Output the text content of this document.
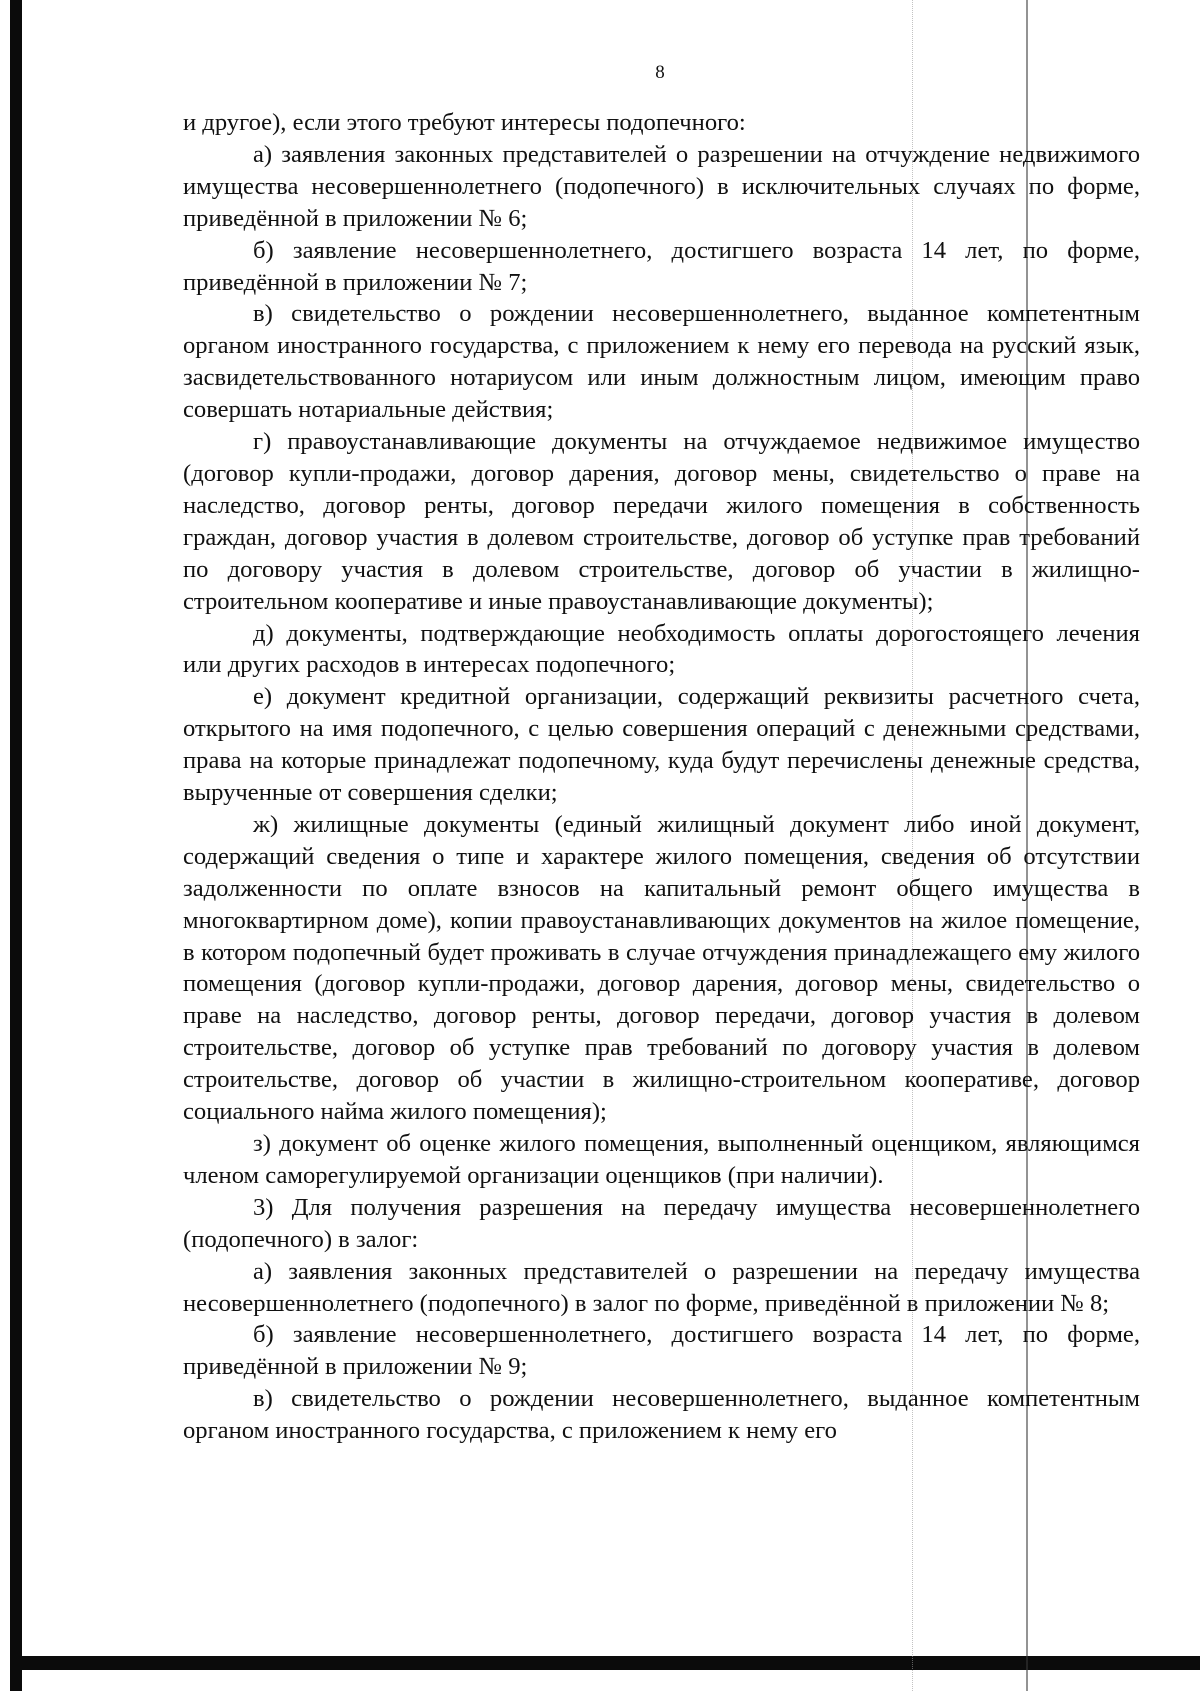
8

и другое), если этого требуют интересы подопечного:

а) заявления законных представителей о разрешении на отчуждение недвижимого имущества несовершеннолетнего (подопечного) в исключительных случаях по форме, приведённой в приложении № 6;

б) заявление несовершеннолетнего, достигшего возраста 14 лет, по форме, приведённой в приложении № 7;

в) свидетельство о рождении несовершеннолетнего, выданное компетентным органом иностранного государства, с приложением к нему его перевода на русский язык, засвидетельствованного нотариусом или иным должностным лицом, имеющим право совершать нотариальные действия;

г) правоустанавливающие документы на отчуждаемое недвижимое имущество (договор купли-продажи, договор дарения, договор мены, свидетельство о праве на наследство, договор ренты, договор передачи жилого помещения в собственность граждан, договор участия в долевом строительстве, договор об уступке прав требований по договору участия в долевом строительстве, договор об участии в жилищно-строительном кооперативе и иные правоустанавливающие документы);

д) документы, подтверждающие необходимость оплаты дорогостоящего лечения или других расходов в интересах подопечного;

е) документ кредитной организации, содержащий реквизиты расчетного счета, открытого на имя подопечного, с целью совершения операций с денежными средствами, права на которые принадлежат подопечному, куда будут перечислены денежные средства, вырученные от совершения сделки;

ж) жилищные документы (единый жилищный документ либо иной документ, содержащий сведения о типе и характере жилого помещения, сведения об отсутствии задолженности по оплате взносов на капитальный ремонт общего имущества в многоквартирном доме), копии правоустанавливающих документов на жилое помещение, в котором подопечный будет проживать в случае отчуждения принадлежащего ему жилого помещения (договор купли-продажи, договор дарения, договор мены, свидетельство о праве на наследство, договор ренты, договор передачи, договор участия в долевом строительстве, договор об уступке прав требований по договору участия в долевом строительстве, договор об участии в жилищно-строительном кооперативе, договор социального найма жилого помещения);

з) документ об оценке жилого помещения, выполненный оценщиком, являющимся членом саморегулируемой организации оценщиков (при наличии).

3) Для получения разрешения на передачу имущества несовершеннолетнего (подопечного) в залог:

а) заявления законных представителей о разрешении на передачу имущества несовершеннолетнего (подопечного) в залог по форме, приведённой в приложении № 8;

б) заявление несовершеннолетнего, достигшего возраста 14 лет, по форме, приведённой в приложении № 9;

в) свидетельство о рождении несовершеннолетнего, выданное компетентным органом иностранного государства, с приложением к нему его
